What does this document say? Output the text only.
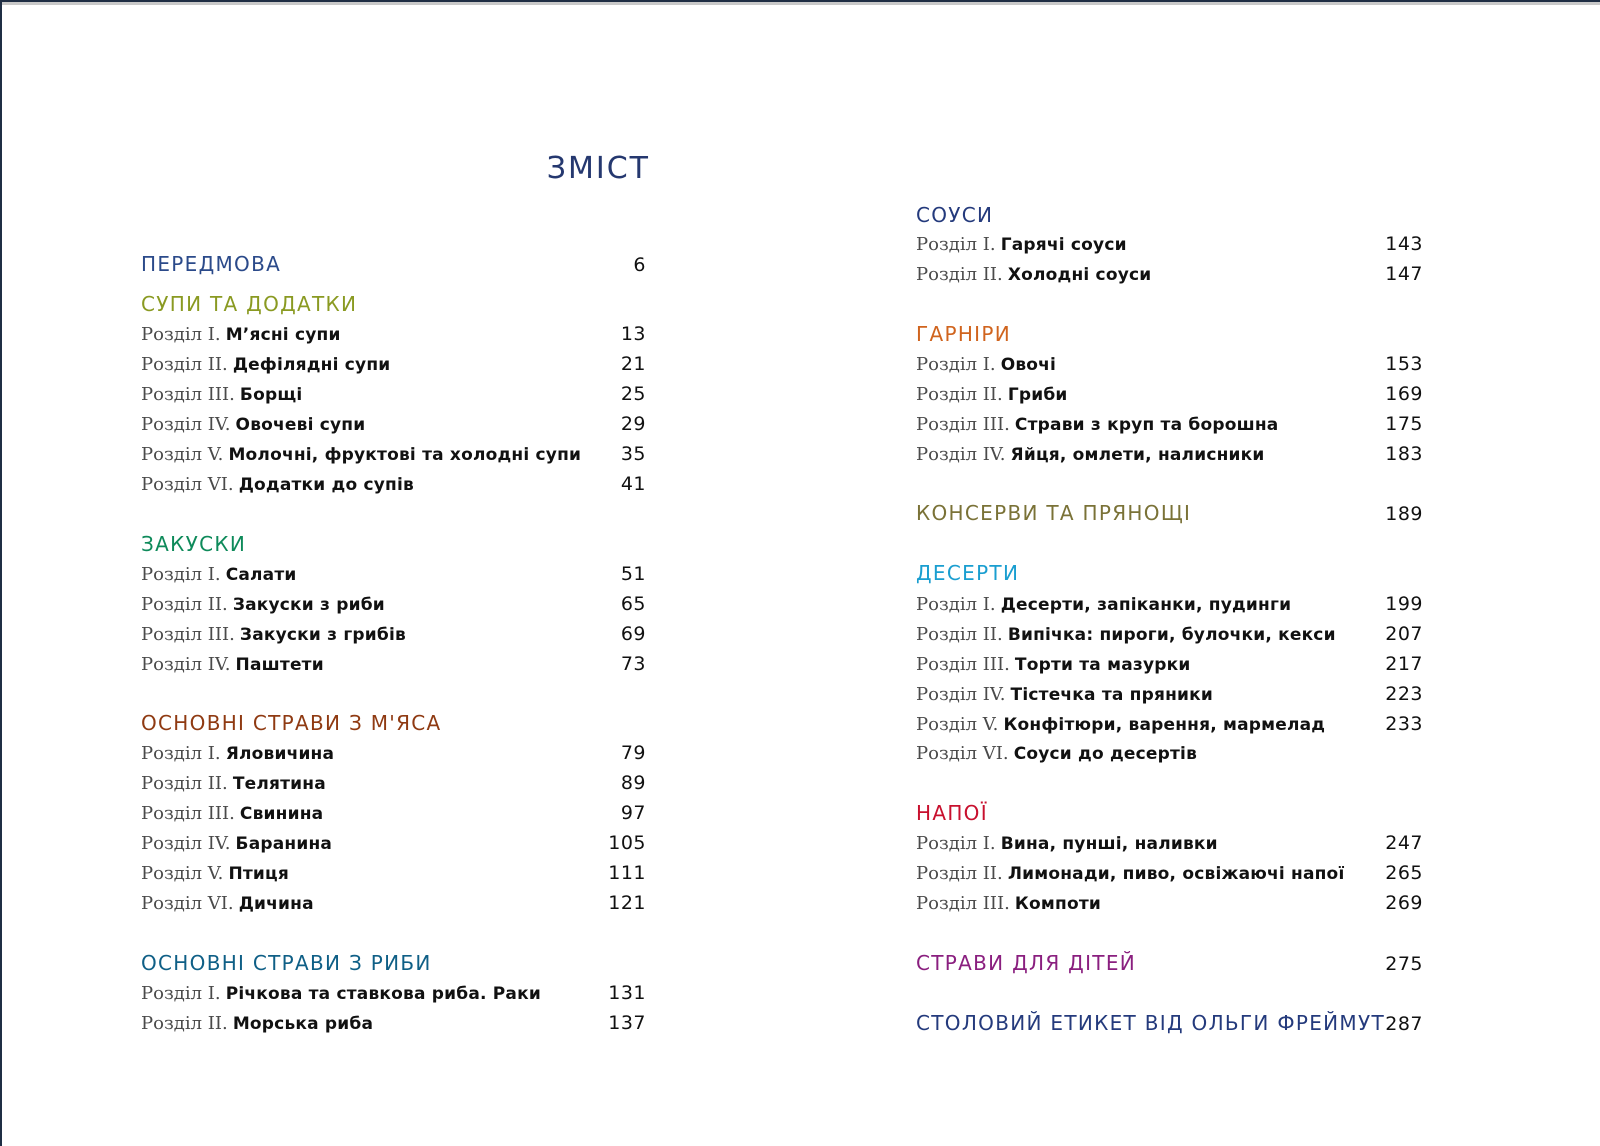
ЗМІСТ
ПЕРЕДМОВА	6
СУПИ ТА ДОДАТКИ
Розділ I. М’ясні супи	13
Розділ II. Дефілядні супи	21
Розділ III. Борщі	25
Розділ IV. Овочеві супи	29
Розділ V. Молочні, фруктові та холодні супи 35
Розділ VI. Додатки до супів	41
ЗАКУСКИ
Розділ I. Салати	51
Розділ II. Закуски з риби	65
Розділ III. Закуски з грибів	69
Розділ IV. Паштети	73
ОСНОВНІ СТРАВИ З М'ЯСА
Розділ I. Яловичина	79
Розділ II. Телятина	89
Розділ III. Свинина	97
Розділ IV. Баранина	105
Розділ V. Птиця	111
Розділ VI. Дичина	121
ОСНОВНІ СТРАВИ З РИБИ
Розділ I. Річкова та ставкова риба. Раки	131
Розділ II. Морська риба	137
СОУСИ
Розділ I. Гарячі соуси	143
Розділ II. Холодні соуси	147
ГАРНІРИ
Розділ I. Овочі	153
Розділ II. Гриби	169
Розділ III. Страви з круп та борошна	175
Розділ IV. Яйця, омлети, налисники	183
КОНСЕРВИ ТА ПРЯНОЩІ	189
ДЕСЕРТИ
Розділ I. Десерти, запіканки, пудинги	199
Розділ II. Випічка: пироги, булочки, кекси	207
Розділ III. Торти та мазурки	217
Розділ IV. Тістечка та пряники	223
Розділ V. Конфітюри, варення, мармелад	233
Розділ VI. Соуси до десертів
НАПОЇ
Розділ I. Вина, пунші, наливки	247
Розділ II. Лимонади, пиво, освіжаючі напої 265
Розділ III. Компоти	269
СТРАВИ ДЛЯ ДІТЕЙ	275
СТОЛОВИЙ ЕТИКЕТ ВІД ОЛЬГИ ФРЕЙМУТ 287
